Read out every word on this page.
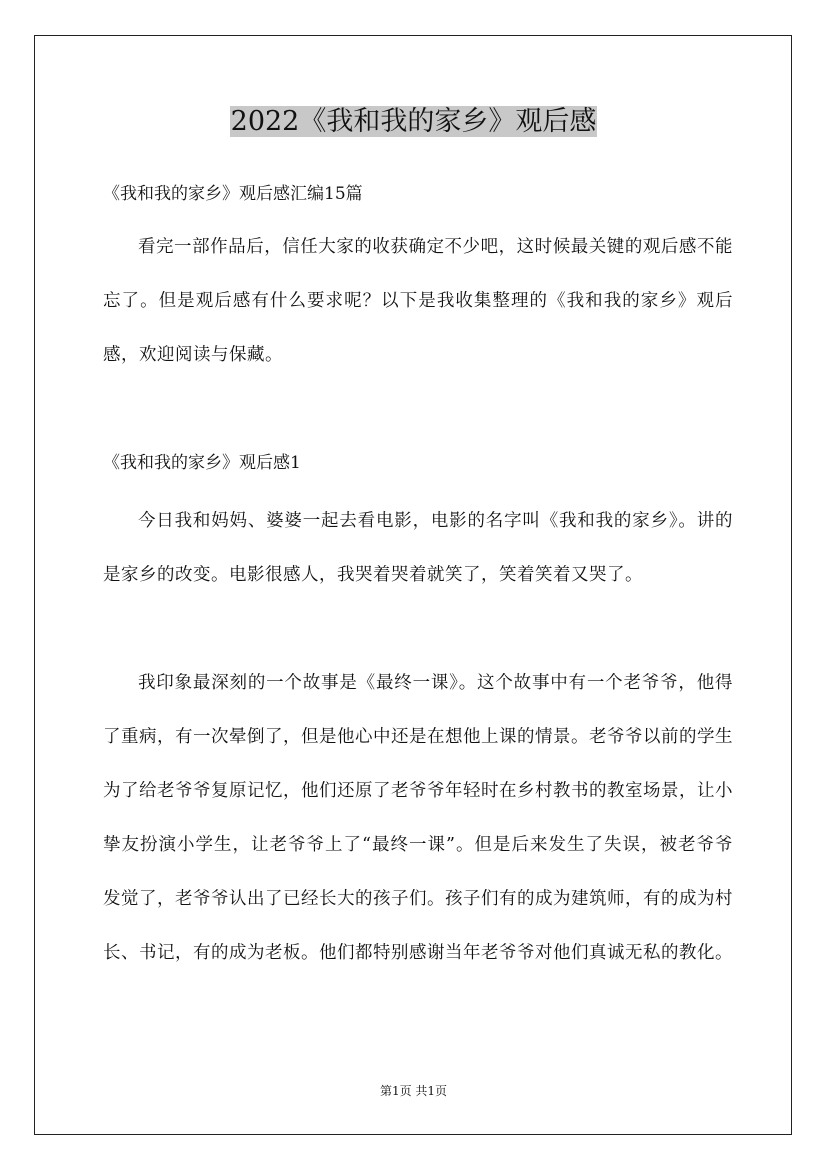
2022《我和我的家乡》观后感
《我和我的家乡》观后感汇编15篇

看完一部作品后，信任大家的收获确定不少吧，这时候最关键的观后感不能忘了。但是观后感有什么要求呢？以下是我收集整理的《我和我的家乡》观后感，欢迎阅读与保藏。

《我和我的家乡》观后感1

今日我和妈妈、婆婆一起去看电影，电影的名字叫《我和我的家乡》。讲的是家乡的改变。电影很感人，我哭着哭着就笑了，笑着笑着又哭了。

我印象最深刻的一个故事是《最终一课》。这个故事中有一个老爷爷，他得了重病，有一次晕倒了，但是他心中还是在想他上课的情景。老爷爷以前的学生为了给老爷爷复原记忆，他们还原了老爷爷年轻时在乡村教书的教室场景，让小挚友扮演小学生，让老爷爷上了“最终一课”。但是后来发生了失误，被老爷爷发觉了，老爷爷认出了已经长大的孩子们。孩子们有的成为建筑师，有的成为村长、书记，有的成为老板。他们都特别感谢当年老爷爷对他们真诚无私的教化。

第1页 共1页
